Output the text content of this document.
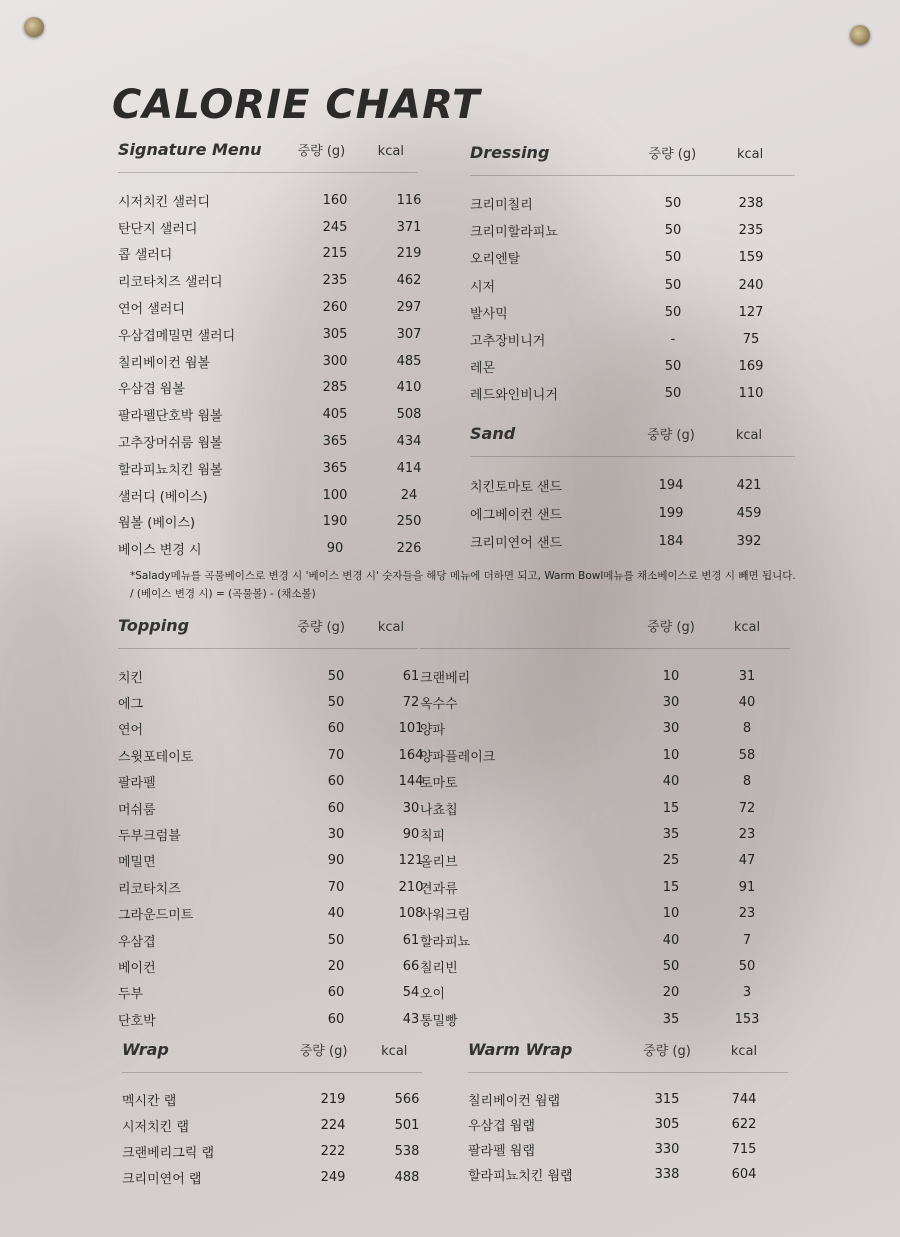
CALORIE CHART
Signature Menu	중량 (g)	kcal
시저치킨 샐러디	160	116
탄단지 샐러디	245	371
콥 샐러디	215	219
리코타치즈 샐러디	235	462
연어 샐러디	260	297
우삼겹메밀면 샐러디	305	307
칠리베이컨 웜볼	300	485
우삼겹 웜볼	285	410
팔라펠단호박 웜볼	405	508
고추장머쉬룸 웜볼	365	434
할라피뇨치킨 웜볼	365	414
샐러디 (베이스)	100	24
웜볼 (베이스)	190	250
베이스 변경 시	90	226
Dressing	중량 (g)	kcal
크리미칠리	50	238
크리미할라피뇨	50	235
오리엔탈	50	159
시저	50	240
발사믹	50	127
고추장비니거	-	75
레몬	50	169
레드와인비니거	50	110
Sand	중량 (g)	kcal
치킨토마토 샌드	194	421
에그베이컨 샌드	199	459
크리미연어 샌드	184	392
*Salady메뉴를 곡물베이스로 변경 시 '베이스 변경 시' 숫자들을 해당 메뉴에 더하면 되고, Warm Bowl메뉴를 채소베이스로 변경 시 빼면 됩니다.
/ (베이스 변경 시) = (곡물볼) - (채소볼)
Topping	중량 (g)	kcal
치킨	50	61
에그	50	72
연어	60	101
스윗포테이토	70	164
팔라펠	60	144
머쉬룸	60	30
두부크럼블	30	90
메밀면	90	121
리코타치즈	70	210
그라운드미트	40	108
우삼겹	50	61
베이컨	20	66
두부	60	54
단호박	60	43
중량 (g)	kcal
크랜베리	10	31
옥수수	30	40
양파	30	8
양파플레이크	10	58
토마토	40	8
나쵸칩	15	72
칙피	35	23
올리브	25	47
견과류	15	91
사워크림	10	23
할라피뇨	40	7
칠리빈	50	50
오이	20	3
통밀빵	35	153
Wrap	중량 (g)	kcal
멕시칸 랩	219	566
시저치킨 랩	224	501
크랜베리그릭 랩	222	538
크리미연어 랩	249	488
Warm Wrap	중량 (g)	kcal
칠리베이컨 웜랩	315	744
우삼겹 웜랩	305	622
팔라펠 웜랩	330	715
할라피뇨치킨 웜랩	338	604
